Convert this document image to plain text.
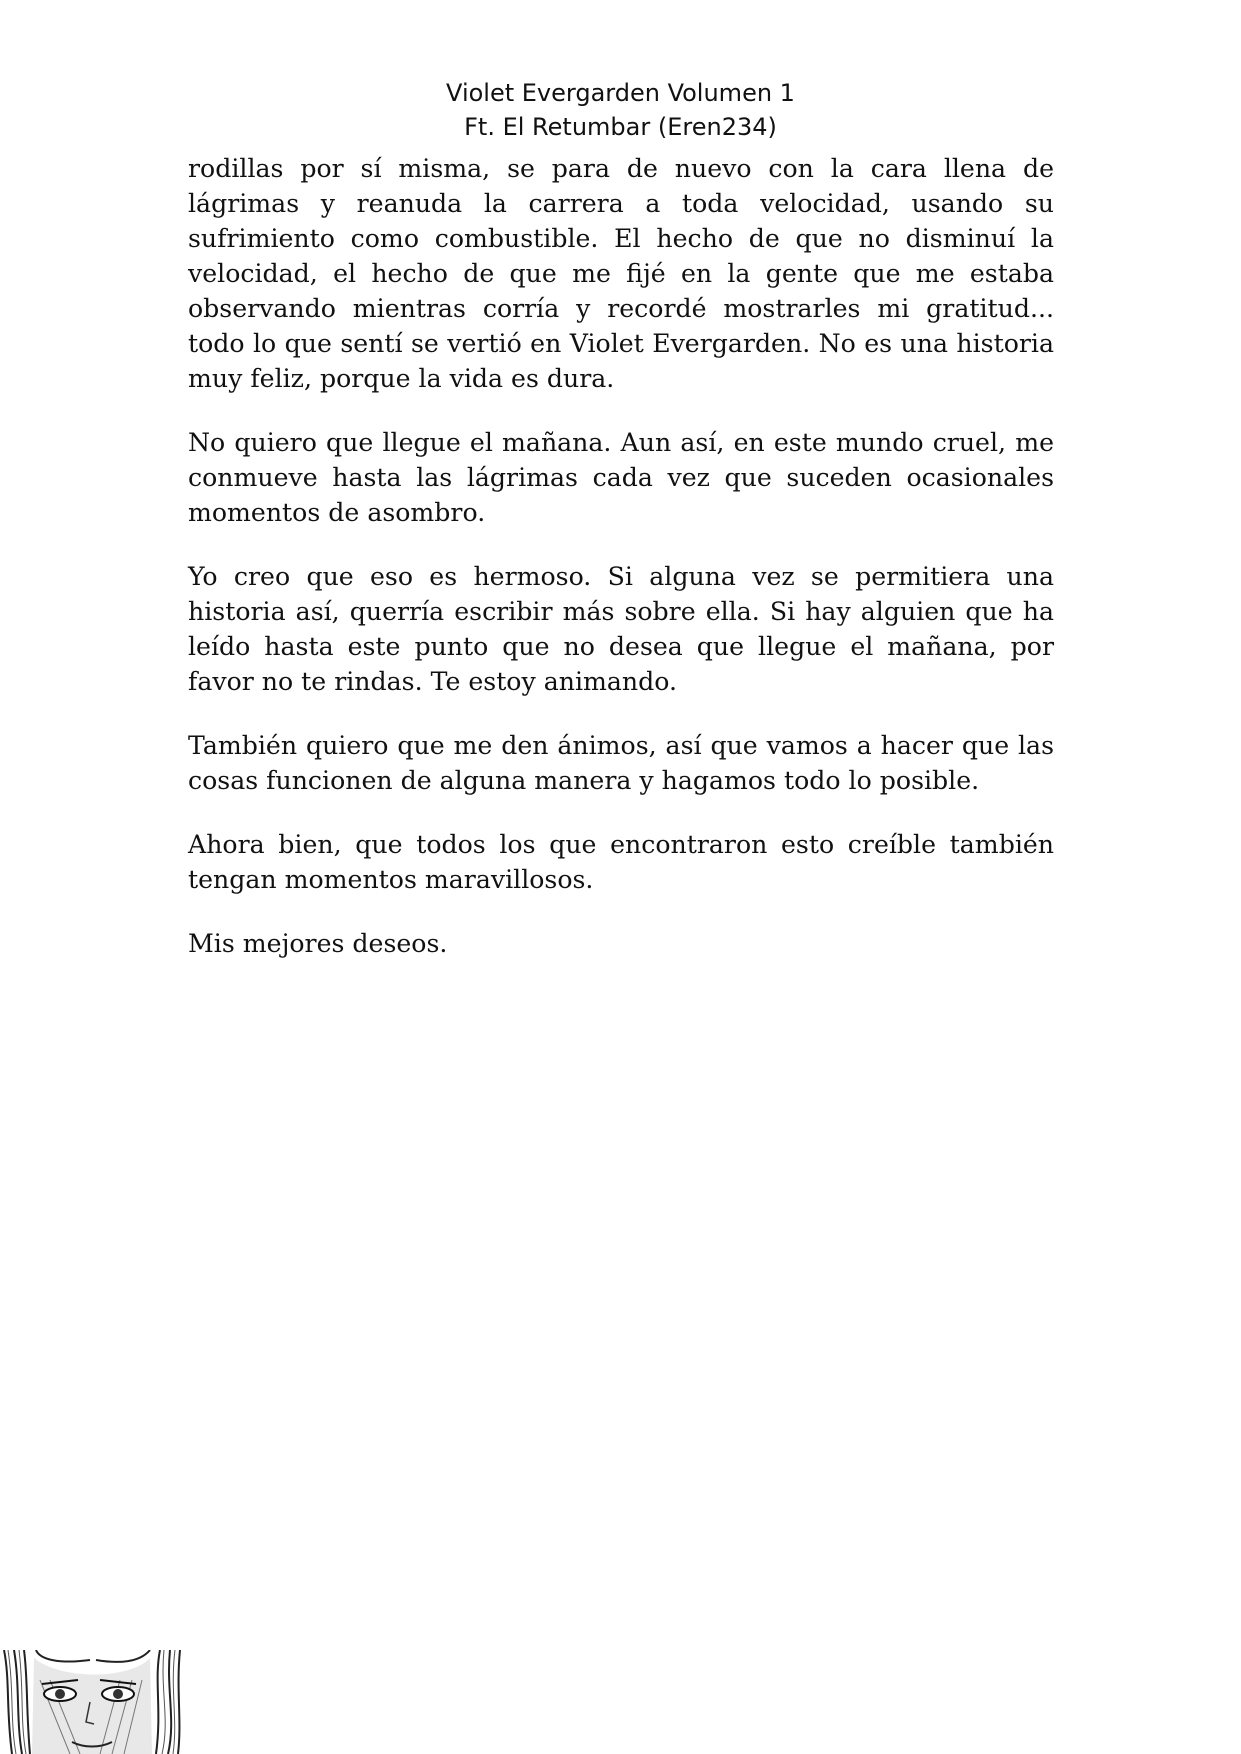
Violet Evergarden Volumen 1
Ft. El Retumbar (Eren234)

rodillas por sí misma, se para de nuevo con la cara llena de lágrimas y reanuda la carrera a toda velocidad, usando su sufrimiento como combustible. El hecho de que no disminuí la velocidad, el hecho de que me fijé en la gente que me estaba observando mientras corría y recordé mostrarles mi gratitud... todo lo que sentí se vertió en Violet Evergarden. No es una historia muy feliz, porque la vida es dura.

No quiero que llegue el mañana. Aun así, en este mundo cruel, me conmueve hasta las lágrimas cada vez que suceden ocasionales momentos de asombro.

Yo creo que eso es hermoso. Si alguna vez se permitiera una historia así, querría escribir más sobre ella. Si hay alguien que ha leído hasta este punto que no desea que llegue el mañana, por favor no te rindas. Te estoy animando.

También quiero que me den ánimos, así que vamos a hacer que las cosas funcionen de alguna manera y hagamos todo lo posible.

Ahora bien, que todos los que encontraron esto creíble también tengan momentos maravillosos.

Mis mejores deseos.
